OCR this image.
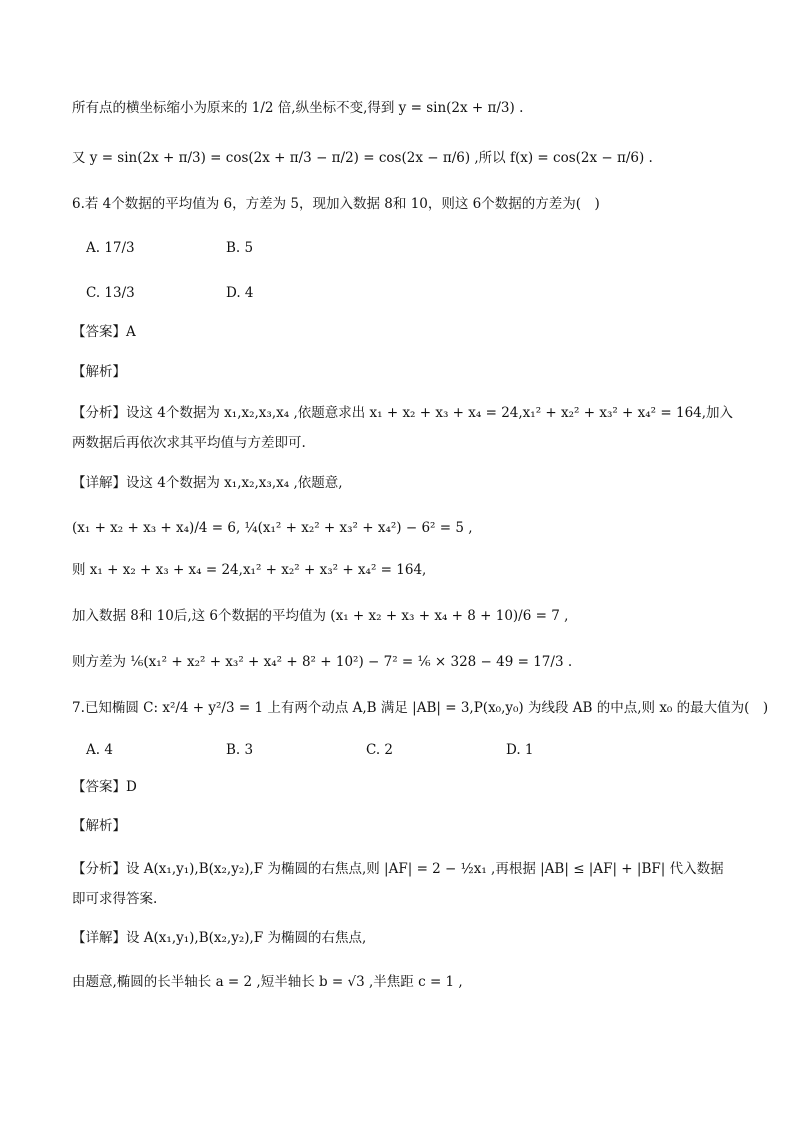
所有点的横坐标缩小为原来的 1/2 倍,纵坐标不变,得到 y = sin(2x + π/3) .
又 y = sin(2x + π/3) = cos(2x + π/3 − π/2) = cos(2x − π/6) ,所以 f(x) = cos(2x − π/6) .
6.若 4个数据的平均值为 6，方差为 5，现加入数据 8和 10，则这 6个数据的方差为(　)
A. 17/3	B. 5
C. 13/3	D. 4
【答案】A
【解析】
【分析】设这 4个数据为 x₁,x₂,x₃,x₄ ,依题意求出 x₁ + x₂ + x₃ + x₄ = 24,x₁² + x₂² + x₃² + x₄² = 164,加入两数据后再依次求其平均值与方差即可.
【详解】设这 4个数据为 x₁,x₂,x₃,x₄ ,依题意,
(x₁ + x₂ + x₃ + x₄)/4 = 6, ¼(x₁² + x₂² + x₃² + x₄²) − 6² = 5 ,
则 x₁ + x₂ + x₃ + x₄ = 24,x₁² + x₂² + x₃² + x₄² = 164,
加入数据 8和 10后,这 6个数据的平均值为 (x₁ + x₂ + x₃ + x₄ + 8 + 10)/6 = 7 ,
则方差为 ⅙(x₁² + x₂² + x₃² + x₄² + 8² + 10²) − 7² = ⅙ × 328 − 49 = 17/3 .
7.已知椭圆 C: x²/4 + y²/3 = 1 上有两个动点 A,B 满足 |AB| = 3,P(x₀,y₀) 为线段 AB 的中点,则 x₀ 的最大值为(　)
A. 4	B. 3	C. 2	D. 1
【答案】D
【解析】
【分析】设 A(x₁,y₁),B(x₂,y₂),F 为椭圆的右焦点,则 |AF| = 2 − ½x₁ ,再根据 |AB| ≤ |AF| + |BF| 代入数据即可求得答案.
【详解】设 A(x₁,y₁),B(x₂,y₂),F 为椭圆的右焦点,
由题意,椭圆的长半轴长 a = 2 ,短半轴长 b = √3 ,半焦距 c = 1 ,
